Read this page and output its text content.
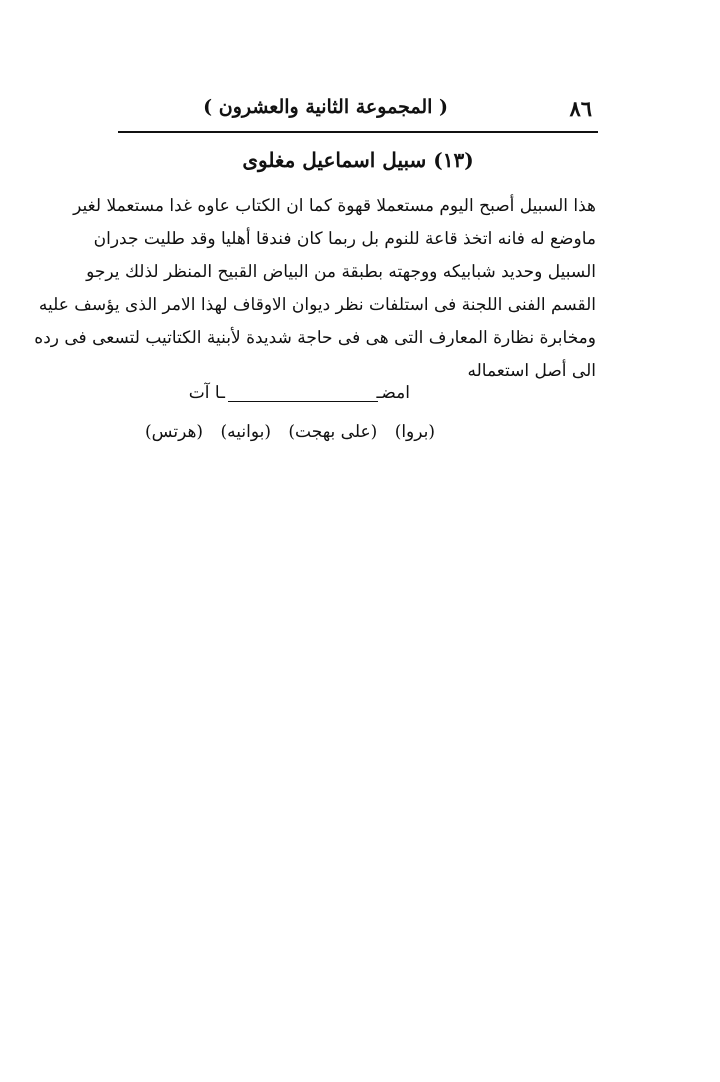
٨٦
( المجموعة الثانية والعشرون )
(١٣) سبيل اسماعيل مغلوى
هذا السبيل أصبح اليوم مستعملا قهوة كما ان الكتاب عاوه غدا مستعملا لغير
ماوضع له فانه اتخذ قاعة للنوم بل ربما كان فندقا أهليا وقد طليت جدران
السبيل وحديد شبابيكه ووجهته بطبقة من البياض القبيح المنظر لذلك يرجو
القسم الفنى اللجنة فى استلفات نظر ديوان الاوقاف لهذا الامر الذى يؤسف عليه
ومخابرة نظارة المعارف التى هى فى حاجة شديدة لأبنية الكتاتيب لتسعى فى رده
الى أصل استعماله
امضـ
ـا آت
(بروا)
(على بهجت)
(بوانيه)
(هرتس)
